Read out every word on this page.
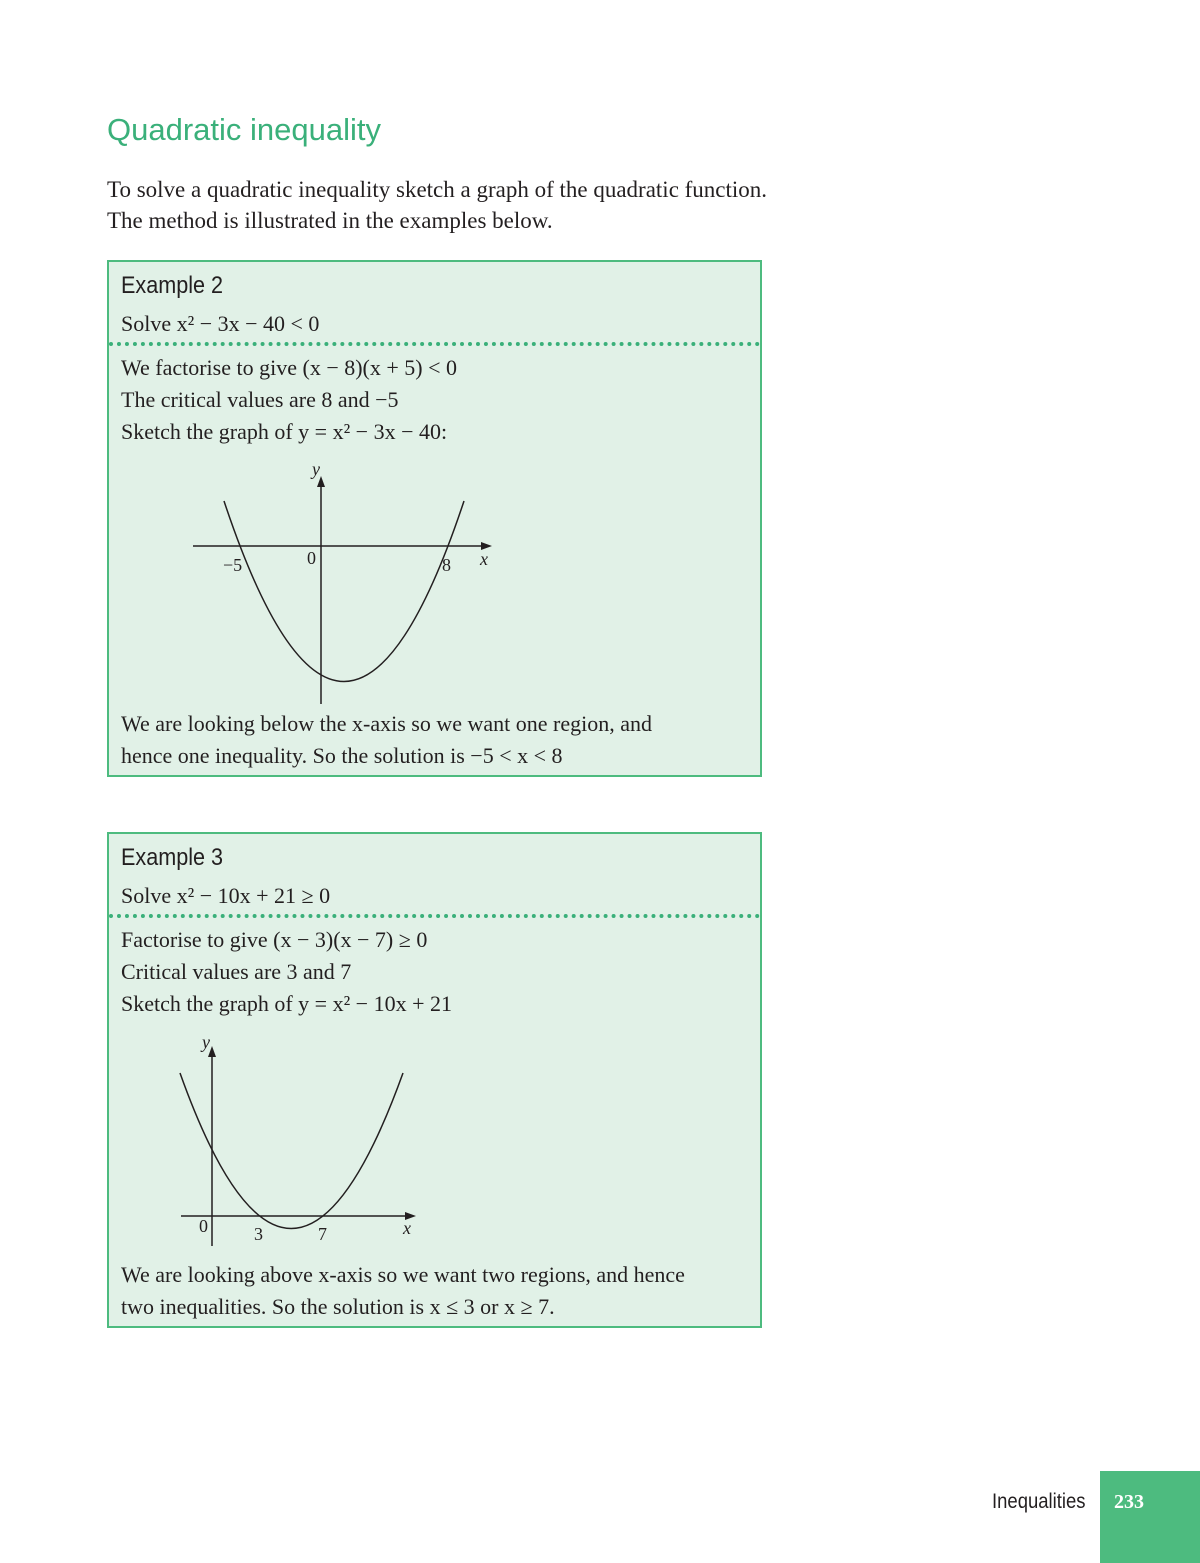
Quadratic inequality

To solve a quadratic inequality sketch a graph of the quadratic function.
The method is illustrated in the examples below.

Example 2

Solve x² − 3x − 40 < 0

We factorise to give (x − 8)(x + 5) < 0

The critical values are 8 and −5

Sketch the graph of y = x² − 3x − 40:

y
x
0
−5	8
We are looking below the x-axis so we want one region, and
hence one inequality. So the solution is −5 < x < 8
Example 3

Solve x² − 10x + 21 ≥ 0

Factorise to give (x − 3)(x − 7) ≥ 0

Critical values are 3 and 7

Sketch the graph of y = x² − 10x + 21

y
x
0	3	7
We are looking above x-axis so we want two regions, and hence
two inequalities. So the solution is x ≤ 3 or x ≥ 7.
Inequalities 233
